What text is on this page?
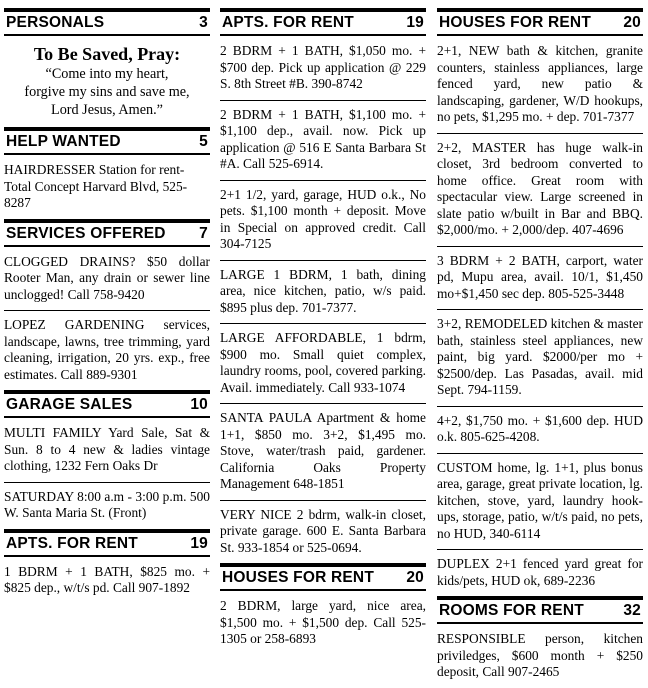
PERSONALS	3
To Be Saved, Pray:
“Come into my heart,
forgive my sins and save me,
Lord Jesus, Amen.”
HELP WANTED	5

HAIRDRESSER Station for rent-Total Concept Harvard Blvd, 525-8287

SERVICES OFFERED 7

CLOGGED DRAINS? $50 dollar Rooter Man, any drain or sewer line unclogged! Call 758-9420

LOPEZ GARDENING services, landscape, lawns, tree trimming, yard cleaning, irrigation, 20 yrs. exp., free estimates. Call 889-9301

GARAGE SALES	10

MULTI FAMILY Yard Sale, Sat & Sun. 8 to 4 new & ladies vintage clothing, 1232 Fern Oaks Dr

SATURDAY 8:00 a.m - 3:00 p.m. 500 W. Santa Maria St. (Front)

APTS. FOR RENT	19

1 BDRM + 1 BATH, $825 mo. + $825 dep., w/t/s pd. Call 907-1892

APTS. FOR RENT	19

2 BDRM + 1 BATH, $1,050 mo. + $700 dep. Pick up application @ 229 S. 8th Street #B. 390-8742

2 BDRM + 1 BATH, $1,100 mo. + $1,100 dep., avail. now. Pick up application @ 516 E Santa Barbara St #A. Call 525-6914.

2+1 1/2, yard, garage, HUD o.k., No pets. $1,100 month + deposit. Move in Special on approved credit. Call 304-7125

LARGE 1 BDRM, 1 bath, dining area, nice kitchen, patio, w/s paid. $895 plus dep. 701-7377.

LARGE AFFORDABLE, 1 bdrm, $900 mo. Small quiet complex, laundry rooms, pool, covered parking. Avail. immediately. Call 933-1074

SANTA PAULA Apartment & home 1+1, $850 mo. 3+2, $1,495 mo. Stove, water/trash paid, gardener. California Oaks Property Management 648-1851

VERY NICE 2 bdrm, walk-in closet, private garage. 600 E. Santa Barbara St. 933-1854 or 525-0694.

HOUSES FOR RENT 20

2 BDRM, large yard, nice area, $1,500 mo. + $1,500 dep. Call 525-1305 or 258-6893

HOUSES FOR RENT 20

2+1, NEW bath & kitchen, granite counters, stainless appliances, large fenced yard, new patio & landscaping, gardener, W/D hookups, no pets, $1,295 mo. + dep. 701-7377

2+2, MASTER has huge walk-in closet, 3rd bedroom converted to home office. Great room with spectacular view. Large screened in slate patio w/built in Bar and BBQ. $2,000/mo. + 2,000/dep. 407-4696

3 BDRM + 2 BATH, carport, water pd, Mupu area, avail. 10/1, $1,450 mo+$1,450 sec dep. 805-525-3448

3+2, REMODELED kitchen & master bath, stainless steel appliances, new paint, big yard. $2000/per mo + $2500/dep. Las Pasadas, avail. mid Sept. 794-1159.

4+2, $1,750 mo. + $1,600 dep. HUD o.k. 805-625-4208.

CUSTOM home, lg. 1+1, plus bonus area, garage, great private location, lg. kitchen, stove, yard, laundry hook-ups, storage, patio, w/t/s paid, no pets, no HUD, 340-6114

DUPLEX 2+1 fenced yard great for kids/pets, HUD ok, 689-2236

ROOMS FOR RENT	32

RESPONSIBLE person, kitchen priviledges, $600 month + $250 deposit, Call 907-2465
